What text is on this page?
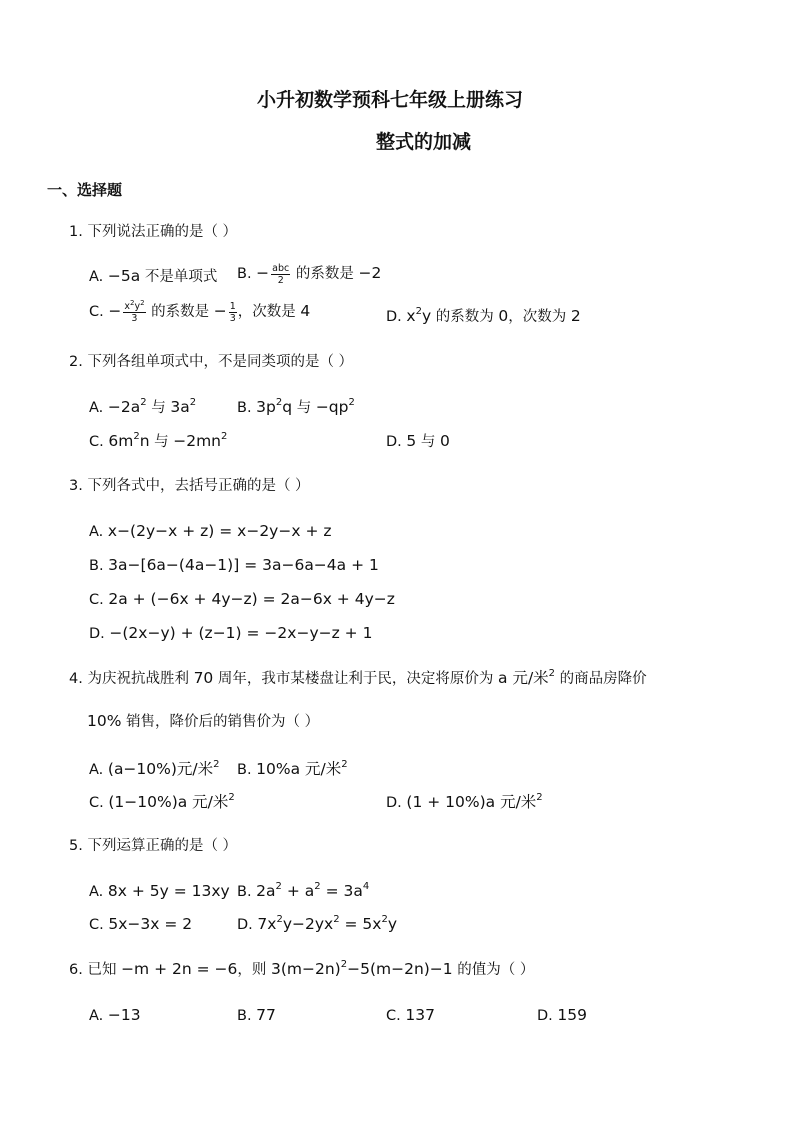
小升初数学预科七年级上册练习
整式的加减
一、选择题
1. 下列说法正确的是（ ）
A. −5a 不是单项式 B. − $\frac{\text{abc}}{2}$ 的系数是 −2
C. − $\frac{x^2y^2}{3}$ 的系数是 − $\frac{1}{3}$ ，次数是 4	D. $x^2y$ 的系数为 0，次数为 2
2. 下列各组单项式中，不是同类项的是（ ）
A. $-2a^2$ 与 $3a^2$	B. $3p^2q$ 与 $-qp^2$
C. $6m^2n$ 与 $-2mn^2$	D. 5 与 0
3. 下列各式中，去括号正确的是（ ）
A. x−(2y−x + z) = x−2y−x + z
B. 3a−[6a−(4a−1)] = 3a−6a−4a + 1
C. 2a + (−6x + 4y−z) = 2a−6x + 4y−z
D. −(2x−y) + (z−1) = −2x−y−z + 1
4. 为庆祝抗战胜利 70 周年，我市某楼盘让利于民，决定将原价为 a 元/米$^2$ 的商品房降价
10% 销售，降价后的销售价为（ ）
A. (a−10%)元/米$^2$ B. 10%a 元/米$^2$
C. (1−10%)a 元/米$^2$	D. (1 + 10%)a 元/米$^2$
5. 下列运算正确的是（ ）
A. 8x + 5y = 13xy B. $2a^2 + a^2 = 3a^4$
C. 5x−3x = 2	D. $7x^2y-2yx^2 = 5x^2y$
6. 已知 −m + 2n = −6，则 $3(m-2n)^2-5(m-2n)-1$ 的值为（ ）
A. −13	B. 77	C. 137	D. 159
